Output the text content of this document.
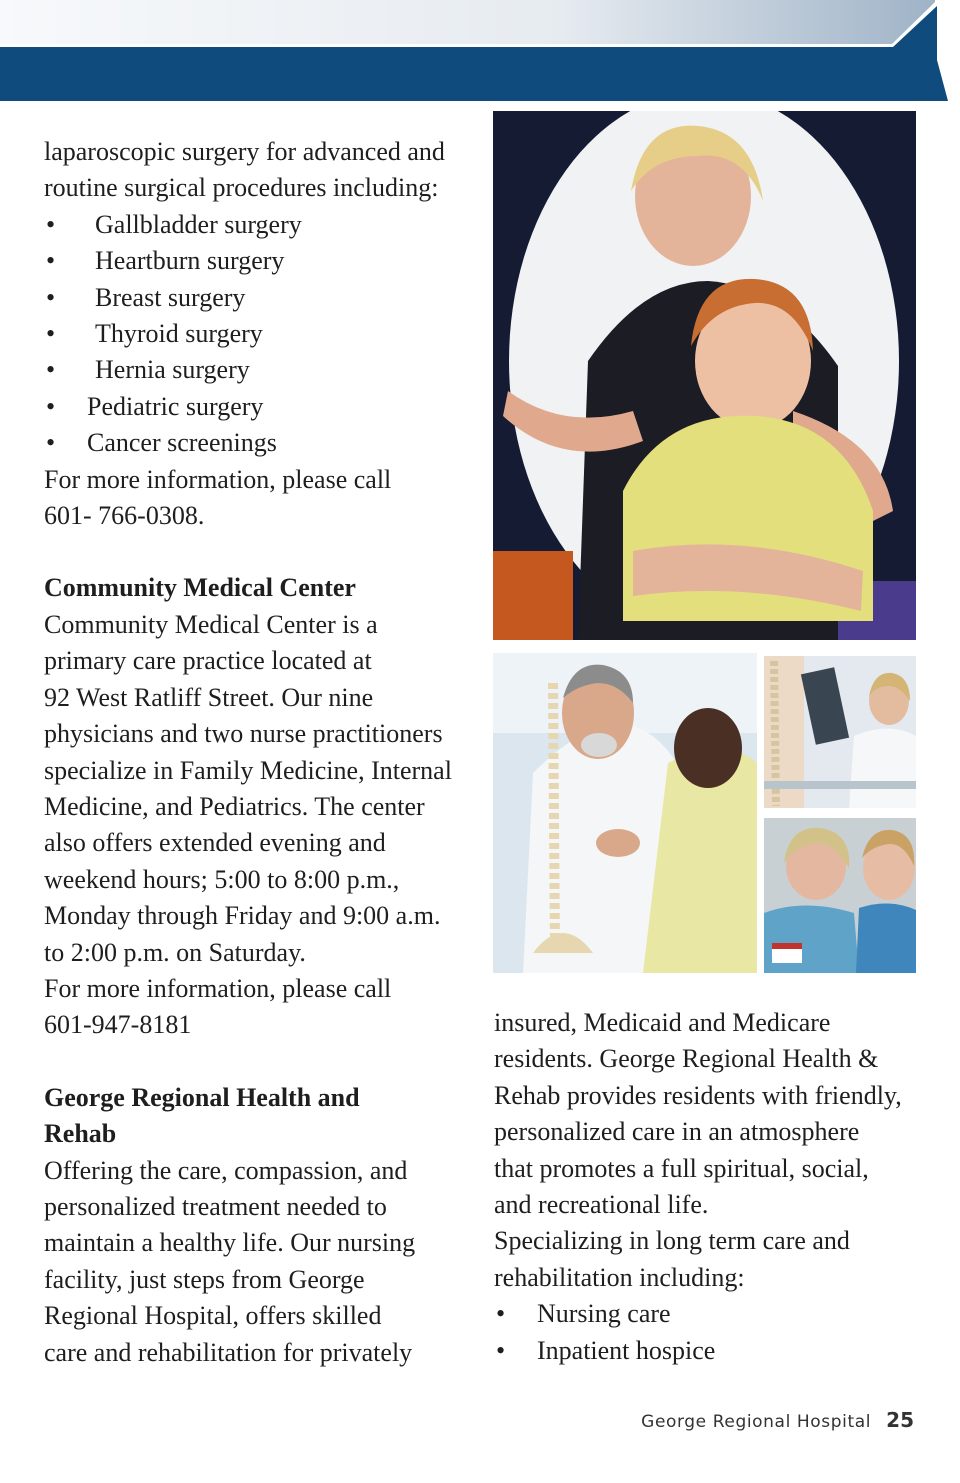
laparoscopic surgery for advanced and

routine surgical procedures including:

• Gallbladder surgery
• Heartburn surgery
• Breast surgery
• Thyroid surgery
• Hernia surgery
• Pediatric surgery
• Cancer screenings

For more information, please call

601- 766-0308.

Community Medical Center

Community Medical Center is a

primary care practice located at

92 West Ratliff Street. Our nine

physicians and two nurse practitioners

specialize in Family Medicine, Internal

Medicine, and Pediatrics. The center

also offers extended evening and

weekend hours; 5:00 to 8:00 p.m.,

Monday through Friday and 9:00 a.m.

to 2:00 p.m. on Saturday.

For more information, please call

601-947-8181

George Regional Health and
Rehab

Offering the care, compassion, and

personalized treatment needed to

maintain a healthy life. Our nursing

facility, just steps from George

Regional Hospital, offers skilled

care and rehabilitation for privately

insured, Medicaid and Medicare

residents. George Regional Health &

Rehab provides residents with friendly,

personalized care in an atmosphere

that promotes a full spiritual, social,

and recreational life.

Specializing in long term care and

rehabilitation including:

• Nursing care
• Inpatient hospice
George Regional Hospital 25
